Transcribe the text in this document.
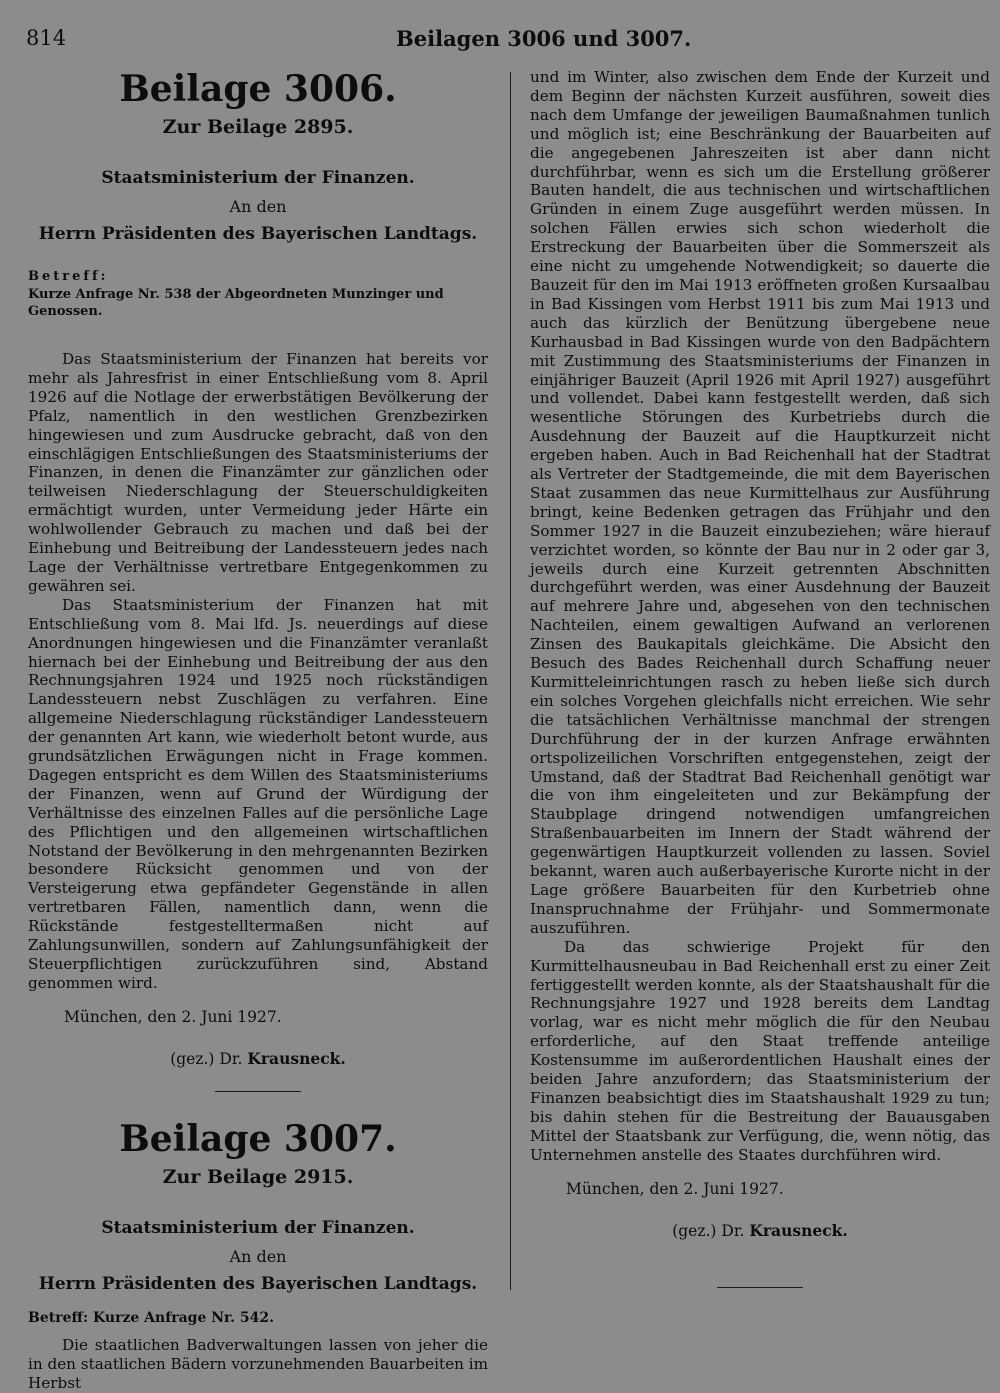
814	Beilagen 3006 und 3007.
Beilage 3006.

Zur Beilage 2895.

Staatsministerium der Finanzen.

An den

Herrn Präsidenten des Bayerischen Landtags.

Betreff:

Kurze Anfrage Nr. 538 der Abgeordneten Munzinger und Genossen.

Das Staatsministerium der Finanzen hat bereits vor mehr als Jahresfrist in einer Entschließung vom 8. April 1926 auf die Notlage der erwerbstätigen Bevölkerung der Pfalz, namentlich in den westlichen Grenzbezirken hingewiesen und zum Ausdrucke gebracht, daß von den einschlägigen Entschließungen des Staatsministeriums der Finanzen, in denen die Finanzämter zur gänzlichen oder teilweisen Niederschlagung der Steuerschuldigkeiten ermächtigt wurden, unter Vermeidung jeder Härte ein wohlwollender Gebrauch zu machen und daß bei der Einhebung und Beitreibung der Landessteuern jedes nach Lage der Verhältnisse vertretbare Entgegenkommen zu gewähren sei.

Das Staatsministerium der Finanzen hat mit Entschließung vom 8. Mai lfd. Js. neuerdings auf diese Anordnungen hingewiesen und die Finanzämter veranlaßt hiernach bei der Einhebung und Beitreibung der aus den Rechnungsjahren 1924 und 1925 noch rückständigen Landessteuern nebst Zuschlägen zu verfahren. Eine allgemeine Niederschlagung rückständiger Landessteuern der genannten Art kann, wie wiederholt betont wurde, aus grundsätzlichen Erwägungen nicht in Frage kommen. Dagegen entspricht es dem Willen des Staatsministeriums der Finanzen, wenn auf Grund der Würdigung der Verhältnisse des einzelnen Falles auf die persönliche Lage des Pflichtigen und den allgemeinen wirtschaftlichen Notstand der Bevölkerung in den mehrgenannten Bezirken besondere Rücksicht genommen und von der Versteigerung etwa gepfändeter Gegenstände in allen vertretbaren Fällen, namentlich dann, wenn die Rückstände festgestelltermaßen nicht auf Zahlungsunwillen, sondern auf Zahlungsunfähigkeit der Steuerpflichtigen zurückzuführen sind, Abstand genommen wird.

München, den 2. Juni 1927.

(gez.) Dr. Krausneck.

Beilage 3007.

Zur Beilage 2915.

Staatsministerium der Finanzen.

An den

Herrn Präsidenten des Bayerischen Landtags.

Betreff: Kurze Anfrage Nr. 542.

Die staatlichen Badverwaltungen lassen von jeher die in den staatlichen Bädern vorzunehmenden Bauarbeiten im Herbst

und im Winter, also zwischen dem Ende der Kurzeit und dem Beginn der nächsten Kurzeit ausführen, soweit dies nach dem Umfange der jeweiligen Baumaßnahmen tunlich und möglich ist; eine Beschränkung der Bauarbeiten auf die angegebenen Jahreszeiten ist aber dann nicht durchführbar, wenn es sich um die Erstellung größerer Bauten handelt, die aus technischen und wirtschaftlichen Gründen in einem Zuge ausgeführt werden müssen. In solchen Fällen erwies sich schon wiederholt die Erstreckung der Bauarbeiten über die Sommerszeit als eine nicht zu umgehende Notwendigkeit; so dauerte die Bauzeit für den im Mai 1913 eröffneten großen Kursaalbau in Bad Kissingen vom Herbst 1911 bis zum Mai 1913 und auch das kürzlich der Benützung übergebene neue Kurhausbad in Bad Kissingen wurde von den Badpächtern mit Zustimmung des Staatsministeriums der Finanzen in einjähriger Bauzeit (April 1926 mit April 1927) ausgeführt und vollendet. Dabei kann festgestellt werden, daß sich wesentliche Störungen des Kurbetriebs durch die Ausdehnung der Bauzeit auf die Hauptkurzeit nicht ergeben haben. Auch in Bad Reichenhall hat der Stadtrat als Vertreter der Stadtgemeinde, die mit dem Bayerischen Staat zusammen das neue Kurmittelhaus zur Ausführung bringt, keine Bedenken getragen das Frühjahr und den Sommer 1927 in die Bauzeit einzubeziehen; wäre hierauf verzichtet worden, so könnte der Bau nur in 2 oder gar 3, jeweils durch eine Kurzeit getrennten Abschnitten durchgeführt werden, was einer Ausdehnung der Bauzeit auf mehrere Jahre und, abgesehen von den technischen Nachteilen, einem gewaltigen Aufwand an verlorenen Zinsen des Baukapitals gleichkäme. Die Absicht den Besuch des Bades Reichenhall durch Schaffung neuer Kurmitteleinrichtungen rasch zu heben ließe sich durch ein solches Vorgehen gleichfalls nicht erreichen. Wie sehr die tatsächlichen Verhältnisse manchmal der strengen Durchführung der in der kurzen Anfrage erwähnten ortspolizeilichen Vorschriften entgegenstehen, zeigt der Umstand, daß der Stadtrat Bad Reichenhall genötigt war die von ihm eingeleiteten und zur Bekämpfung der Staubplage dringend notwendigen umfangreichen Straßenbauarbeiten im Innern der Stadt während der gegenwärtigen Hauptkurzeit vollenden zu lassen. Soviel bekannt, waren auch außerbayerische Kurorte nicht in der Lage größere Bauarbeiten für den Kurbetrieb ohne Inanspruchnahme der Frühjahr- und Sommermonate auszuführen.

Da das schwierige Projekt für den Kurmittelhausneubau in Bad Reichenhall erst zu einer Zeit fertiggestellt werden konnte, als der Staatshaushalt für die Rechnungsjahre 1927 und 1928 bereits dem Landtag vorlag, war es nicht mehr möglich die für den Neubau erforderliche, auf den Staat treffende anteilige Kostensumme im außerordentlichen Haushalt eines der beiden Jahre anzufordern; das Staatsministerium der Finanzen beabsichtigt dies im Staatshaushalt 1929 zu tun; bis dahin stehen für die Bestreitung der Bauausgaben Mittel der Staatsbank zur Verfügung, die, wenn nötig, das Unternehmen anstelle des Staates durchführen wird.

München, den 2. Juni 1927.

(gez.) Dr. Krausneck.
